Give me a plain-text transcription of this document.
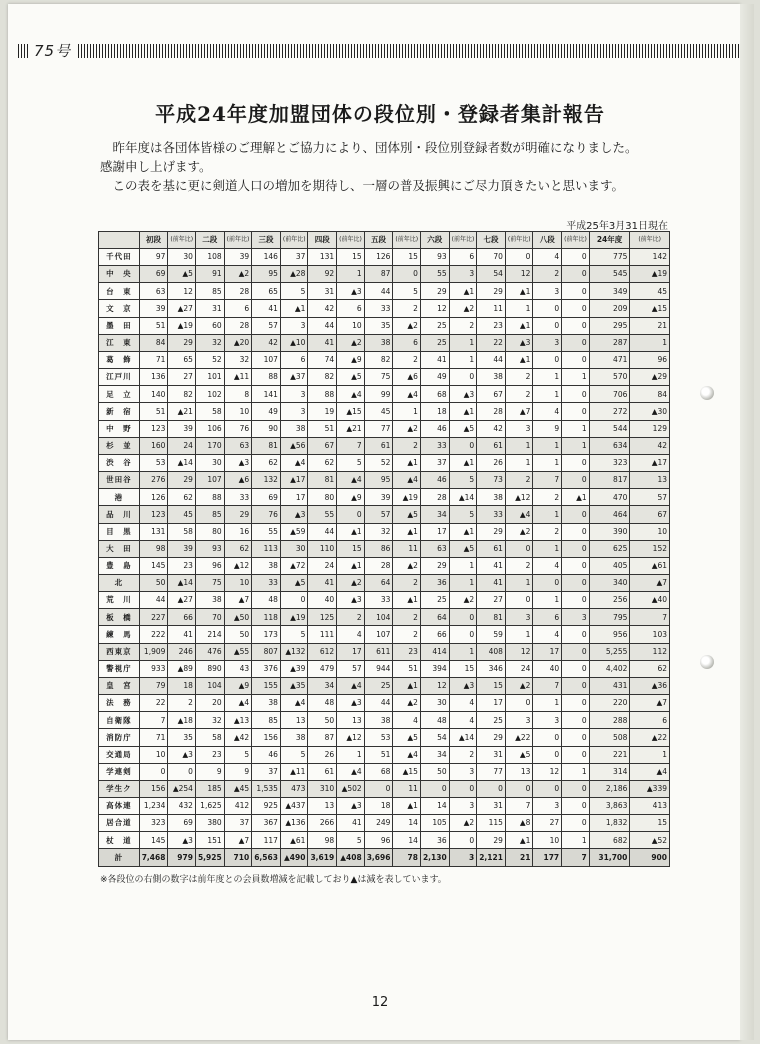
75号
平成24年度加盟団体の段位別・登録者集計報告

昨年度は各団体皆様のご理解とご協力により、団体別・段位別登録者数が明確になりました。

感謝申し上げます。

この表を基に更に剣道人口の増加を期待し、一層の普及振興にご尽力頂きたいと思います。

平成25年3月31日現在
	初段	(前年比)	二段	(前年比)	三段	(前年比)	四段	(前年比)	五段	(前年比)	六段	(前年比)	七段	(前年比)	八段	(前年比)	24年度	(前年比)
千代田	97	30	108	39	146	37	131	15	126	15	93	6	70	0	4	0	775	142
中　央	69	▲5	91	▲2	95	▲28	92	1	87	0	55	3	54	12	2	0	545	▲19
台　東	63	12	85	28	65	5	31	▲3	44	5	29	▲1	29	▲1	3	0	349	45
文　京	39	▲27	31	6	41	▲1	42	6	33	2	12	▲2	11	1	0	0	209	▲15
墨　田	51	▲19	60	28	57	3	44	10	35	▲2	25	2	23	▲1	0	0	295	21
江　東	84	29	32	▲20	42	▲10	41	▲2	38	6	25	1	22	▲3	3	0	287	1
葛　飾	71	65	52	32	107	6	74	▲9	82	2	41	1	44	▲1	0	0	471	96
江戸川	136	27	101	▲11	88	▲37	82	▲5	75	▲6	49	0	38	2	1	1	570	▲29
足　立	140	82	102	8	141	3	88	▲4	99	▲4	68	▲3	67	2	1	0	706	84
新　宿	51	▲21	58	10	49	3	19	▲15	45	1	18	▲1	28	▲7	4	0	272	▲30
中　野	123	39	106	76	90	38	51	▲21	77	▲2	46	▲5	42	3	9	1	544	129
杉　並	160	24	170	63	81	▲56	67	7	61	2	33	0	61	1	1	1	634	42
渋　谷	53	▲14	30	▲3	62	▲4	62	5	52	▲1	37	▲1	26	1	1	0	323	▲17
世田谷	276	29	107	▲6	132	▲17	81	▲4	95	▲4	46	5	73	2	7	0	817	13
港	126	62	88	33	69	17	80	▲9	39	▲19	28	▲14	38	▲12	2	▲1	470	57
品　川	123	45	85	29	76	▲3	55	0	57	▲5	34	5	33	▲4	1	0	464	67
目　黒	131	58	80	16	55	▲59	44	▲1	32	▲1	17	▲1	29	▲2	2	0	390	10
大　田	98	39	93	62	113	30	110	15	86	11	63	▲5	61	0	1	0	625	152
豊　島	145	23	96	▲12	38	▲72	24	▲1	28	▲2	29	1	41	2	4	0	405	▲61
北	50	▲14	75	10	33	▲5	41	▲2	64	2	36	1	41	1	0	0	340	▲7
荒　川	44	▲27	38	▲7	48	0	40	▲3	33	▲1	25	▲2	27	0	1	0	256	▲40
板　橋	227	66	70	▲50	118	▲19	125	2	104	2	64	0	81	3	6	3	795	7
練　馬	222	41	214	50	173	5	111	4	107	2	66	0	59	1	4	0	956	103
西東京	1,909	246	476	▲55	807	▲132	612	17	611	23	414	1	408	12	17	0	5,255	112
警視庁	933	▲89	890	43	376	▲39	479	57	944	51	394	15	346	24	40	0	4,402	62
皇　宮	79	18	104	▲9	155	▲35	34	▲4	25	▲1	12	▲3	15	▲2	7	0	431	▲36
法　務	22	2	20	▲4	38	▲4	48	▲3	44	▲2	30	4	17	0	1	0	220	▲7
自衛隊	7	▲18	32	▲13	85	13	50	13	38	4	48	4	25	3	3	0	288	6
消防庁	71	35	58	▲42	156	38	87	▲12	53	▲5	54	▲14	29	▲22	0	0	508	▲22
交通局	10	▲3	23	5	46	5	26	1	51	▲4	34	2	31	▲5	0	0	221	1
学連剣	0	0	9	9	37	▲11	61	▲4	68	▲15	50	3	77	13	12	1	314	▲4
学生ク	156	▲254	185	▲45	1,535	473	310	▲502	0	11	0	0	0	0	0	0	2,186	▲339
高体連	1,234	432	1,625	412	925	▲437	13	▲3	18	▲1	14	3	31	7	3	0	3,863	413
居合道	323	69	380	37	367	▲136	266	41	249	14	105	▲2	115	▲8	27	0	1,832	15
杖　道	145	▲3	151	▲7	117	▲61	98	5	96	14	36	0	29	▲1	10	1	682	▲52
計	7,468	979	5,925	710	6,563	▲490	3,619	▲408	3,696	78	2,130	3	2,121	21	177	7	31,700	900
※各段位の右側の数字は前年度との会員数増減を記載しており▲は減を表しています。
12
